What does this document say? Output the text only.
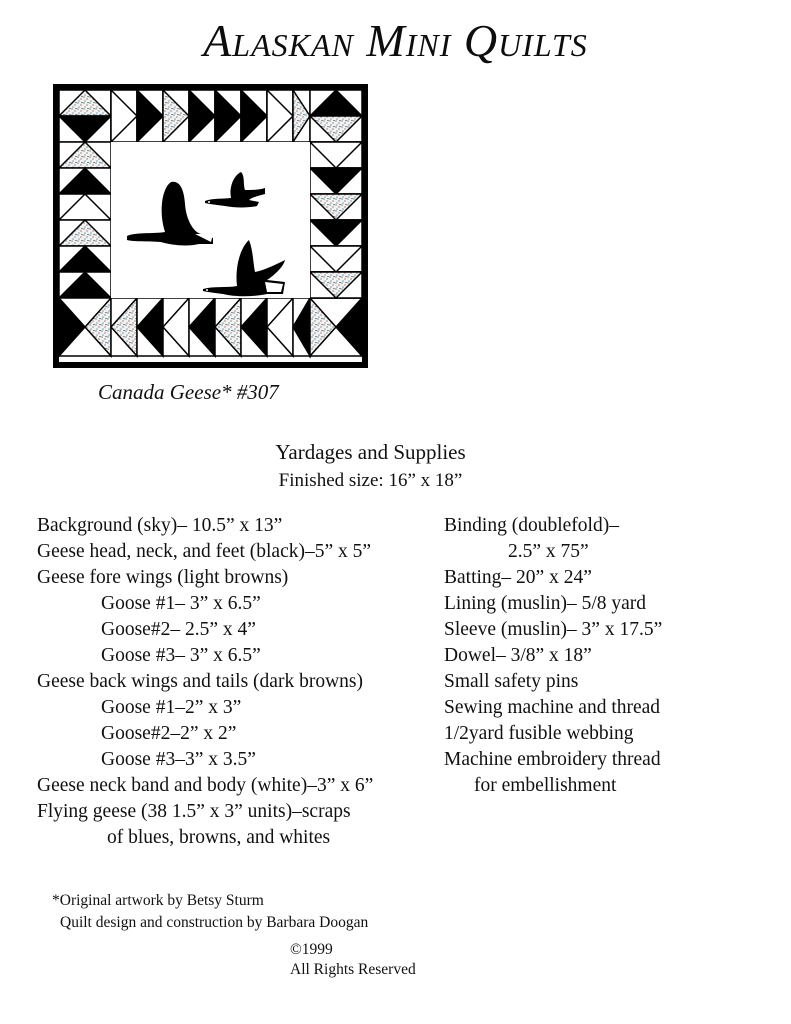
Alaskan Mini Quilts
Canada Geese* #307
Yardages and Supplies
Finished size: 16” x 18”
Background (sky)– 10.5” x 13”
Geese head, neck, and feet (black)–5” x 5”
Geese fore wings (light browns)
Goose #1– 3” x 6.5”
Goose#2– 2.5” x 4”
Goose #3– 3” x 6.5”
Geese back wings and tails (dark browns)
Goose #1–2” x 3”
Goose#2–2” x 2”
Goose #3–3” x 3.5”
Geese neck band and body (white)–3” x 6”
Flying geese (38 1.5” x 3” units)–scraps
of blues, browns, and whites
Binding (doublefold)–
2.5” x 75”
Batting– 20” x 24”
Lining (muslin)– 5/8 yard
Sleeve (muslin)– 3” x 17.5”
Dowel– 3/8” x 18”
Small safety pins
Sewing machine and thread
1/2yard fusible webbing
Machine embroidery thread
for embellishment
*Original artwork by Betsy Sturm
Quilt design and construction by Barbara Doogan
©1999
All Rights Reserved
